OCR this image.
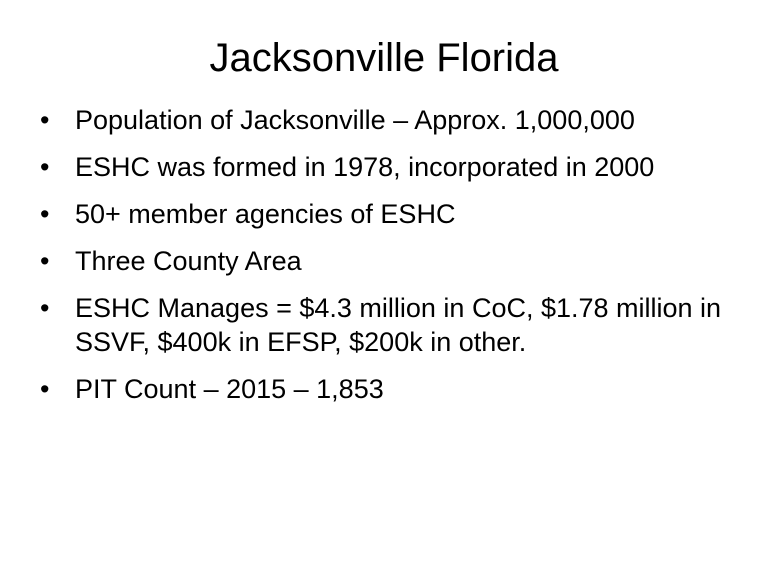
Jacksonville Florida
• Population of Jacksonville – Approx. 1,000,000
• ESHC was formed in 1978, incorporated in 2000
• 50+ member agencies of ESHC
• Three County Area
• ESHC Manages = $4.3 million in CoC, $1.78 million in SSVF, $400k in EFSP, $200k in other.
• PIT Count – 2015 – 1,853
